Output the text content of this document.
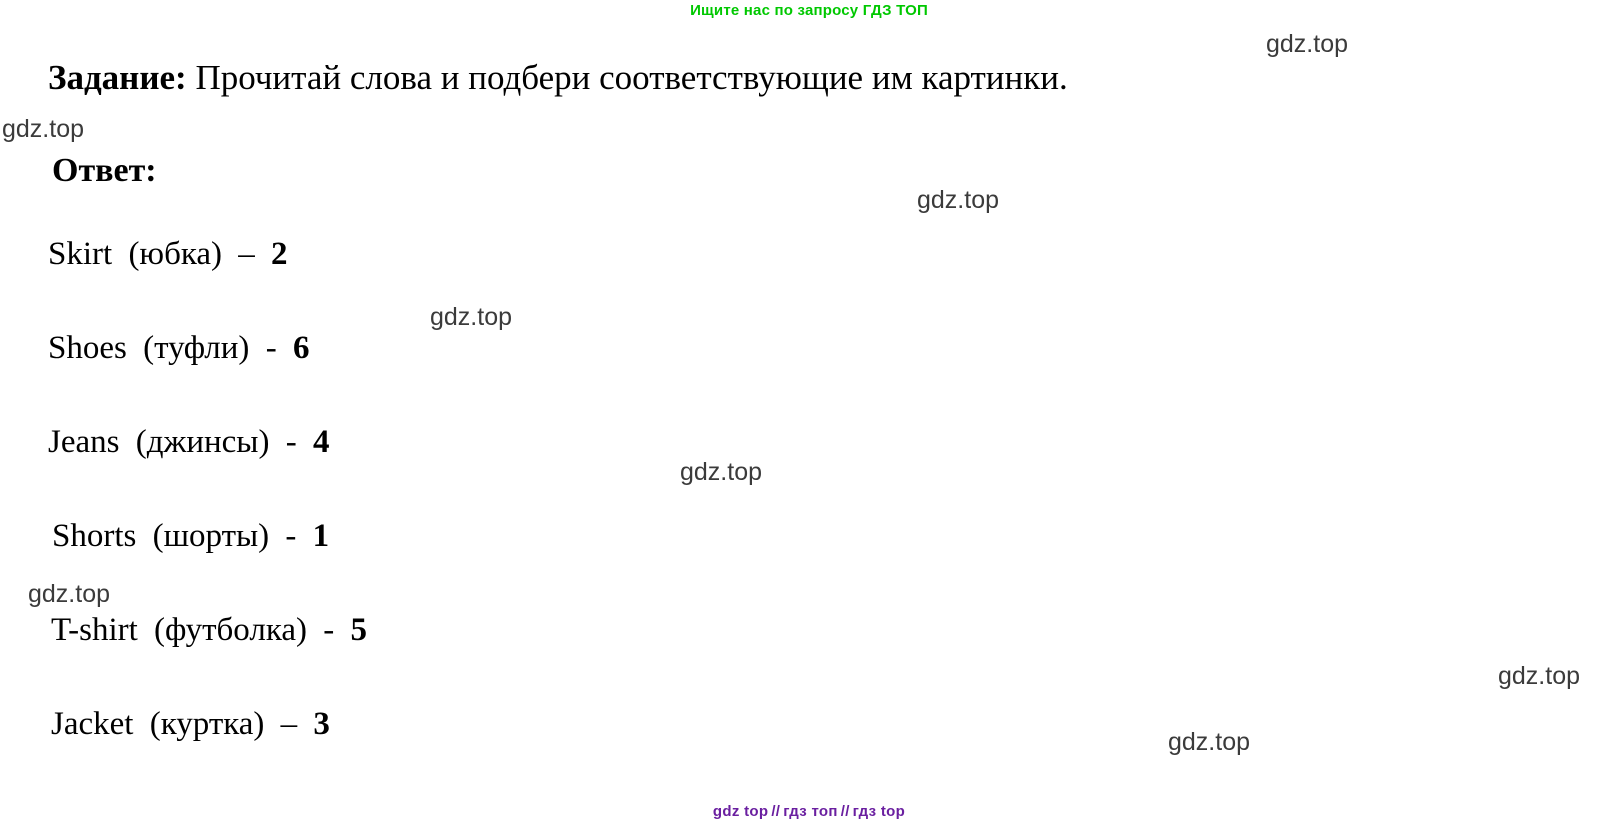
Ищите нас по запросу ГДЗ ТОП
gdz.top
gdz.top
gdz.top
gdz.top
gdz.top
gdz.top
gdz.top
gdz.top
Задание: Прочитай слова и подбери соответствующие им картинки.
Ответ:
Skirt (юбка) – 2
Shoes (туфли) - 6
Jeans (джинсы) - 4
Shorts (шорты) - 1
T-shirt (футболка) - 5
Jacket (куртка) – 3
gdz top // гдз топ // гдз top
